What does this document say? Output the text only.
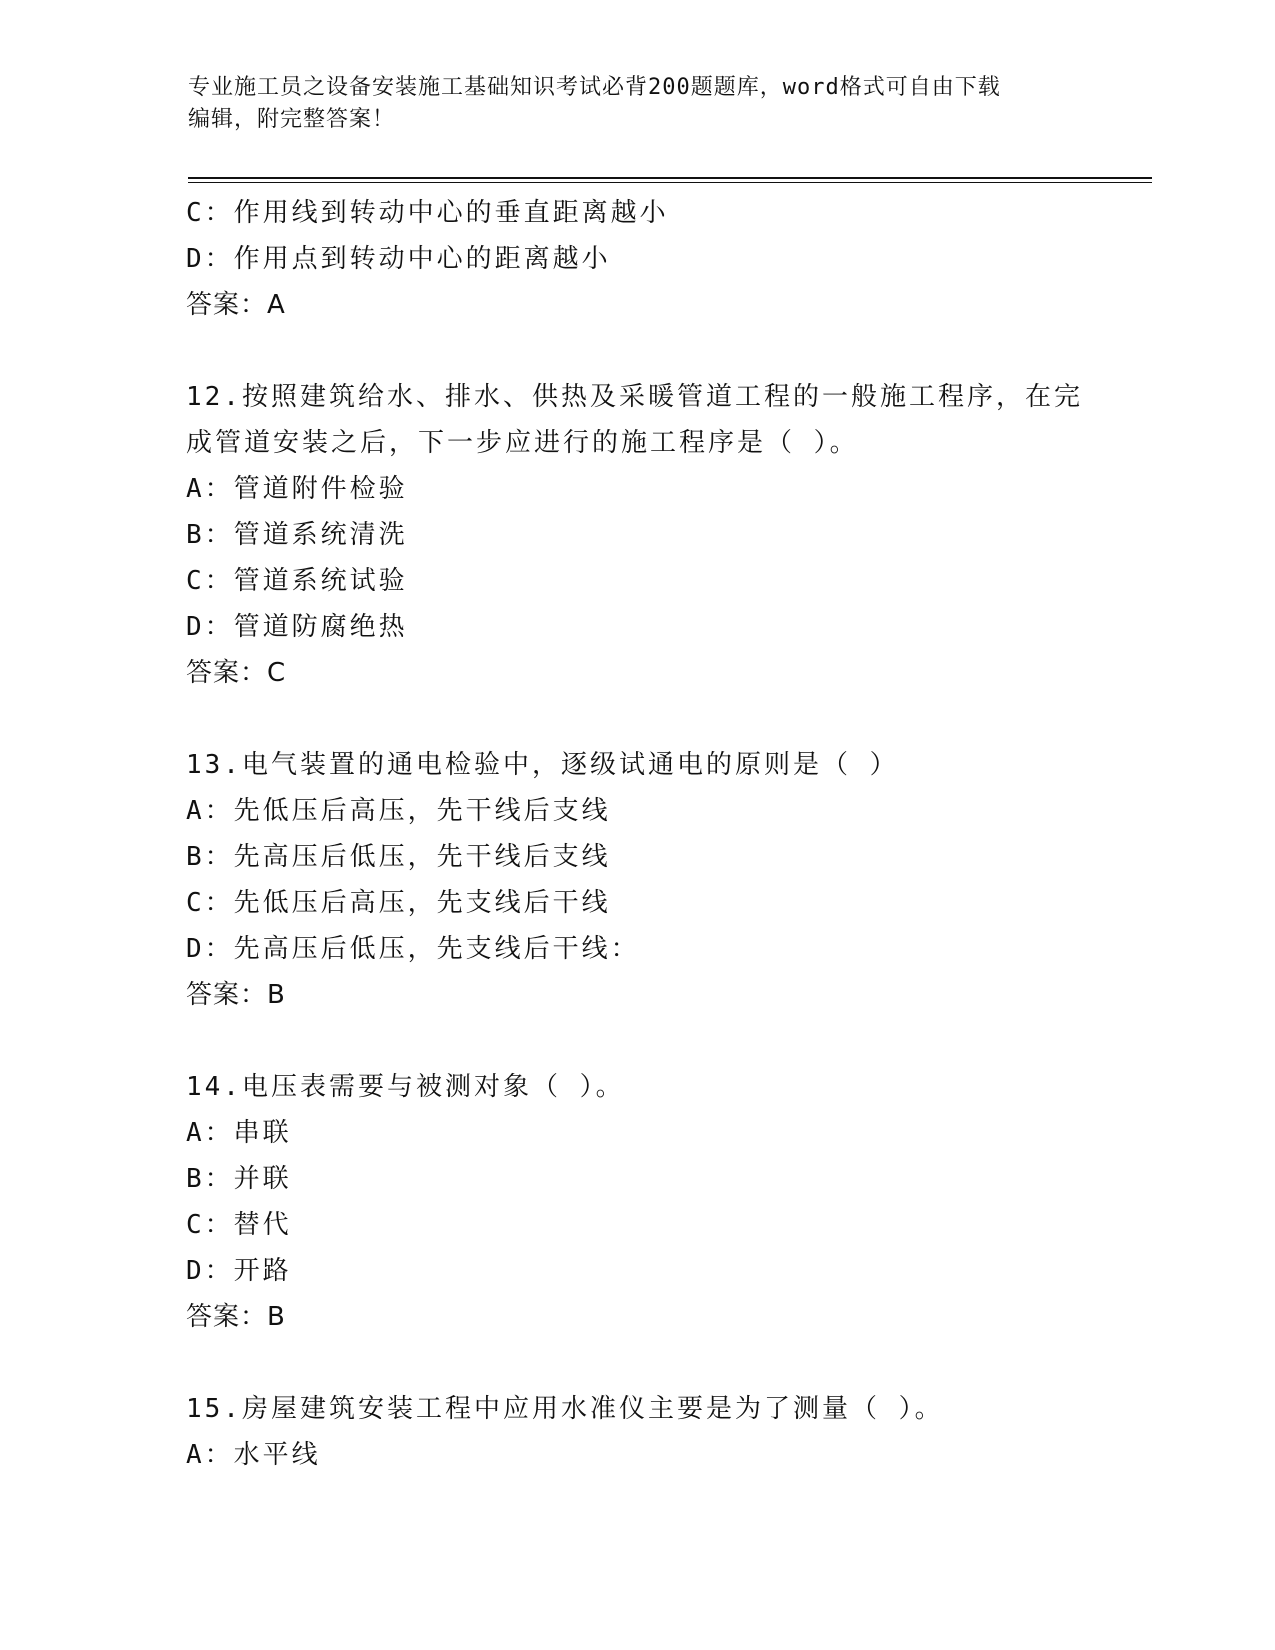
专业施工员之设备安装施工基础知识考试必背200题题库，word格式可自由下载
编辑，附完整答案！
C：作用线到转动中心的垂直距离越小
D：作用点到转动中心的距离越小
答案：A
12.按照建筑给水、排水、供热及采暖管道工程的一般施工程序，在完
成管道安装之后，下一步应进行的施工程序是（ ）。
A：管道附件检验
B：管道系统清洗
C：管道系统试验
D：管道防腐绝热
答案：C
13.电气装置的通电检验中，逐级试通电的原则是（ ）
A：先低压后高压，先干线后支线
B：先高压后低压，先干线后支线
C：先低压后高压，先支线后干线
D：先高压后低压，先支线后干线：
答案：B
14.电压表需要与被测对象（ ）。
A：串联
B：并联
C：替代
D：开路
答案：B
15.房屋建筑安装工程中应用水准仪主要是为了测量（ ）。
A：水平线
